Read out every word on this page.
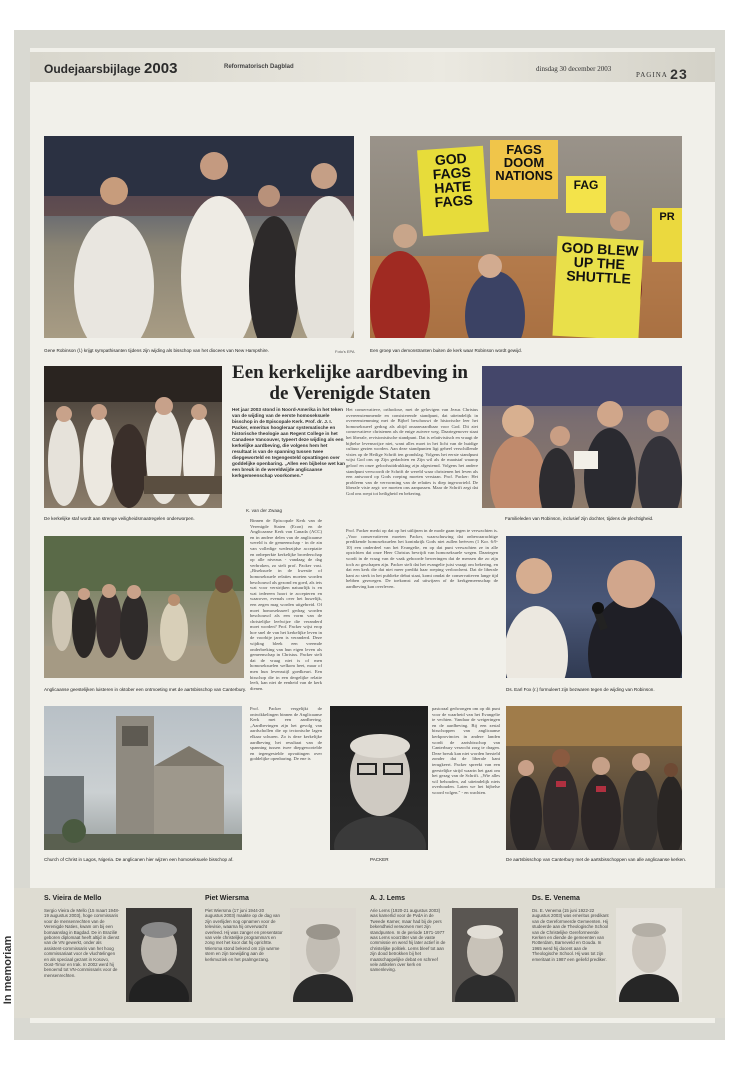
Oudejaarsbijlage 2003	Reformatorisch Dagblad	dinsdag 30 december 2003
PAGINA 23
Gene Robinson (l.) krijgt sympathisanten tijdens zijn wijding als bisschop van het diocees van New Hampshire.	Foto's EPA
GOD FAGS HATE FAGS
FAGS DOOM NATIONS
FAG
GOD BLEW UP THE SHUTTLE
PR
Een groep van demonstranten buiten de kerk waar Robinson wordt gewijd.
Een kerkelijke aardbeving in de Verenigde Staten
Het jaar 2003 stond in Noord-Amerika in het teken van de wijding van de eerste homoseksuele bisschop in de Episcopale Kerk. Prof. dr. J. I. Packer, emeritus hoogleraar systematische en historische theologie aan Regent College in het Canadese Vancouver, typeert deze wijding als een kerkelijke aardbeving, die volgens hem het resultaat is van de spanning tussen twee diepgeworteld en tegengesteld opvattingen over goddelijke openbaring. „Allen een bijbelse wet kan een breuk in de wereldwijde anglicaanse kerkgemeenschap voorkomen."
K. van der Zwaag
De kerkelijke staf wordt aan strenge veiligheidsmaatregelen onderworpen.	Familieleden van Robinson, inclusief zijn dochter, tijdens de plechtigheid.
Anglicaanse geestelijken luisteren in oktober een ontmoeting met de aartsbisschop van Canterbury.	Ds. Earl Fox (r.) formuleert zijn bezwaren tegen de wijding van Robinson.
Church of Christ in Lagos, Nigeria. De anglicanen hier wijzen een homoseksuele bisschop af.	PACKER	De aartsbisschop van Canterbury met de aartsbisschoppen van alle anglicaanse kerken.
Binnen de Episcopale Kerk van de Verenigde Staten (Econ) en de Anglicaanse Kerk van Canada (ACC) en in andere delen van de anglicaanse wereld is de gemeenschap - in de zin van volledige wederzijdse acceptatie en onbeperkte kerkelijke broederschap op alle niveaus - vandaag de dag verbroken, zo stelt prof. Packer vast. „Biseksuele in de kwestie of homoseksuele relaties moeten worden beschouwd als gezond en goed, als iets wat voor verstrijken natuurlijk is en wat iedereen hoort te accepteren en waarover, evenals over het huwelijk, een zegen mag worden uitgebreid. Of moet homoseksueel gedrag worden beschouwd als een vorm van de christelijke leefwijze die veranderd moet worden? Prof. Packer wijst erop hoe snel de van het kerkelijke leven in de voorbije jaren is veranderd. Deze wijding bleek een vreemde onderbreking van hun eigen leven als gemeenschap in Christus. Packer stelt dat de vraag niet is of men homoseksuelen welkom heet, maar of men hun levensstijl goedkeurt. Een bisschop die in een dergelijke relatie leeft, kan niet de eenheid van de kerk dienen.
Het conservatieve, orthodoxe, met de gelovigen van Jezus Christus overeenstemmende en consisterende standpunt, dat uiteindelijk in overeenstemming met de Bijbel beschouwt de historische leer het homoseksueel gedrag als altijd onaanvaardbaar voor God. Dit ziet conservatieve christenen als de enige zuivere weg. Daartegenover staat het liberale, revisionistische standpunt. Dat is relativistisch en vraagt de bijbelse levenswijze niet, want alles moet in het licht van de huidige cultuur gezien worden. Aan deze standpunten ligt geheel verschillende visies op de Heilige Schrift ten grondslag. Volgens het eerste standpunt wijst God ons op Zijn gedachten en Zijn wil als de maatstaf waarop geloof en onze geloofsuitdrukking zijn afgestemd. Volgens het andere standpunt verwoordt de Schrift de wereld waar christenen het leven als een antwoord op Gods roeping moeten verstaan. Prof. Packer: Het probleem van de vervorming van de relaties is diep ingeworteld. De liberale visie zegt: we moeten ons aanpassen. Maar de Schrift zegt dat God ons roept tot heiligheid en bekering.
Prof. Packer merkt op dat op het uitlijnen in de mode gaan tegen te verwachten is. „Voor conservatieven moeten Packer, waarschuwing dat onbewaarachtige predikende homoseksuelen het koninkrijk Gods niet zullen beërven (1 Kor. 6:9-10) een onderdeel van het Evangelie, en op dat punt verwachten ze in alle opzichten dat onze Heer Christus bevrijdt van homoseksuele wegen. Daartegen wordt in de vraag van de vaak gehoorde beweringen dat de mensen die zo zijn toch zo geschapen zijn. Packer stelt dat het evangelie juist vraagt om bekering, en dat een kerk die dat niet meer predikt haar roeping verloochent. Dat de liberale kant zo sterk in het publieke debat staat, komt omdat de conservatieven lange tijd hebben gezwegen. De toekomst zal uitwijzen of de kerkgemeenschap de aardbeving kan overleven.
Prof. Packer vergelijkt de ontwikkelingen binnen de Anglicaanse Kerk met een aardbeving. „Aardbevingen zijn het gevolg van aardschollen die op tectonische lagen elkaar schuren. Zo is deze kerkelijke aardbeving het resultaat van de spanning tussen twee diepgewortelde en tegengestelde opvattingen over goddelijke openbaring. De ene is
pastoraal gedwongen om op dit punt voor de waarheid van het Evangelie te vechten. Vandaar de weigeringen en de aardbeving. Bij een zestal bisschoppen van anglicaanse kerkprovincies in andere landen wordt de aartsbisschop van Canterbury verzocht zorg te dragen. Deze breuk kan niet worden hersteld zonder dat de liberale kant terugkeert. Packer spreekt van een geestelijke strijd waarin het gaat om het gezag van de Schrift. „Wie alles wil behouden, zal uiteindelijk niets overhouden. Laten we het bijbelse woord volgen." - en wachten.
In memoriam
S. Vieira de Mello
Sergio Vieira de Mello (15 maart 1948-19 augustus 2003), hoge commissaris voor de mensenrechten van de Verenigde Naties, kwam om bij een bomaanslag in Bagdad. De in Brazilië geboren diplomaat heeft altijd in dienst van de VN gewerkt, onder als assistent-commissaris van het hoog commissariaat voor de vluchtelingen en als speciaal gezant in Kosovo, Oost-Timor en Irak. In 2002 werd hij benoemd tot VN-commissaris voor de mensenrechten.
Piet Wiersma
Piet Wiersma (17 juni 1944-20 augustus 2003) maakte op de dag van zijn overlijden nog opnamen voor de televisie, waarna hij onverwacht overleed. Hij was zanger en presentator van vele christelijke programma's en zong met het koor dat hij oprichtte. Wiersma stond bekend om zijn warme stem en zijn toewijding aan de kerkmuziek en het psalmgezang.
A. J. Lems
Arie Lems (1920-21 augustus 2003) was kamerlid voor de PvdA in de Tweede Kamer, maar had bij de pers bekendheid verworven met zijn standpunten. In de periode 1971-1977 was Lems voorzitter van de vaste commissie en werd hij later actief in de christelijke politiek. Lems bleef tot aan zijn dood betrokken bij het maatschappelijke debat en schreef vele artikelen over kerk en samenleving.
Ds. E. Venema
Ds. E. Venema (15 juni 1922-22 augustus 2003) was emeritus predikant van de Gereformeerde Gemeenten. Hij studeerde aan de Theologische School van de Christelijke Gereformeerde Kerken en diende de gemeenten van Rotterdam, Barneveld en Gouda. In 1965 werd hij docent aan de Theologische School. Hij was tot zijn emeritaat in 1987 een geliefd prediker.
